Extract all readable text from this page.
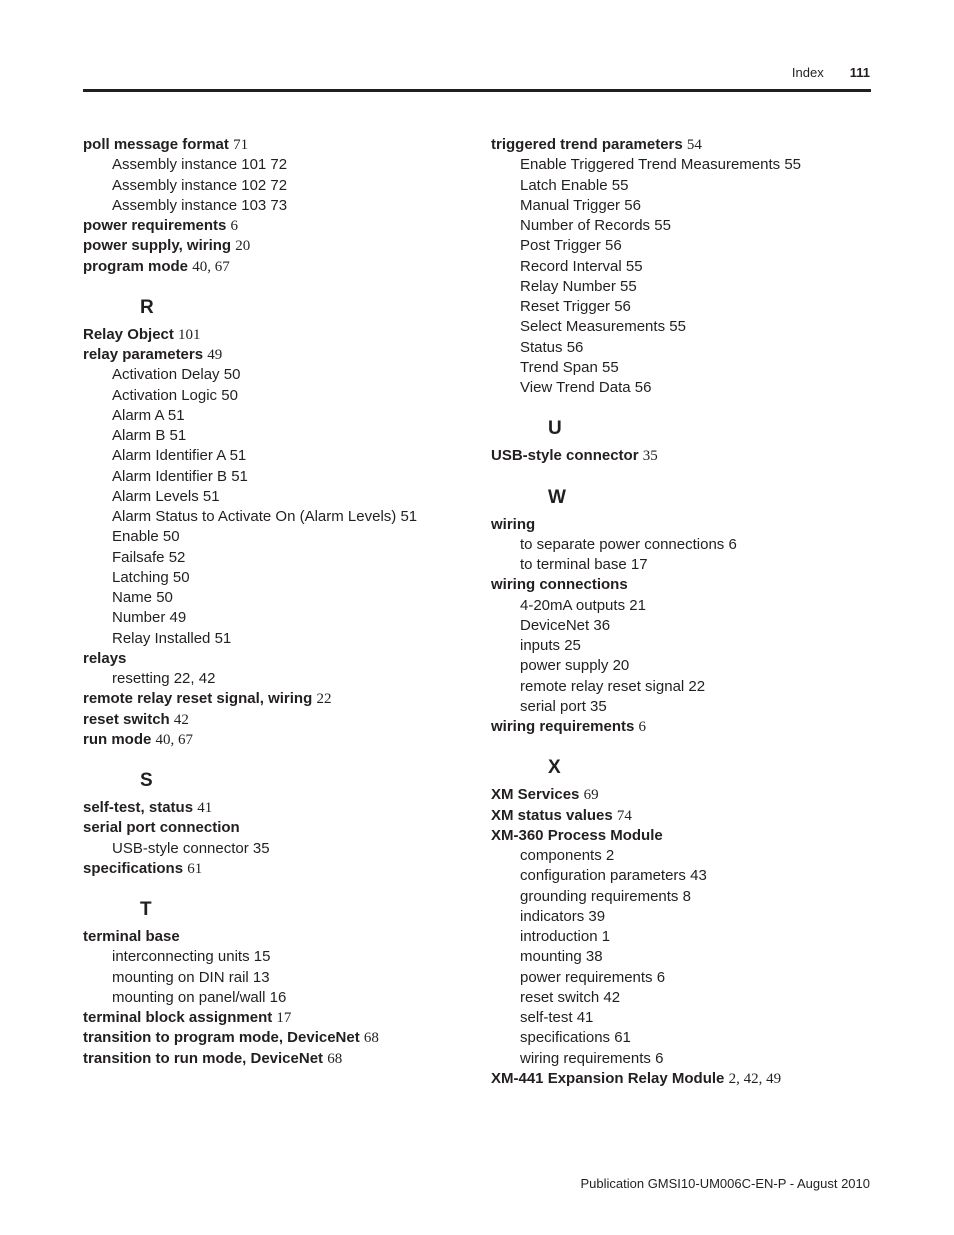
Index 111
poll message format 71
Assembly instance 101 72
Assembly instance 102 72
Assembly instance 103 73
power requirements 6
power supply, wiring 20
program mode 40, 67
R
Relay Object 101
relay parameters 49
Activation Delay 50
Activation Logic 50
Alarm A 51
Alarm B 51
Alarm Identifier A 51
Alarm Identifier B 51
Alarm Levels 51
Alarm Status to Activate On (Alarm Levels) 51
Enable 50
Failsafe 52
Latching 50
Name 50
Number 49
Relay Installed 51
relays
resetting 22, 42
remote relay reset signal, wiring 22
reset switch 42
run mode 40, 67
S
self-test, status 41
serial port connection
USB-style connector 35
specifications 61
T
terminal base
interconnecting units 15
mounting on DIN rail 13
mounting on panel/wall 16
terminal block assignment 17
transition to program mode, DeviceNet 68
transition to run mode, DeviceNet 68
triggered trend parameters 54
Enable Triggered Trend Measurements 55
Latch Enable 55
Manual Trigger 56
Number of Records 55
Post Trigger 56
Record Interval 55
Relay Number 55
Reset Trigger 56
Select Measurements 55
Status 56
Trend Span 55
View Trend Data 56
U
USB-style connector 35
W
wiring
to separate power connections 6
to terminal base 17
wiring connections
4-20mA outputs 21
DeviceNet 36
inputs 25
power supply 20
remote relay reset signal 22
serial port 35
wiring requirements 6
X
XM Services 69
XM status values 74
XM-360 Process Module
components 2
configuration parameters 43
grounding requirements 8
indicators 39
introduction 1
mounting 38
power requirements 6
reset switch 42
self-test 41
specifications 61
wiring requirements 6
XM-441 Expansion Relay Module 2, 42, 49
Publication GMSI10-UM006C-EN-P - August 2010
